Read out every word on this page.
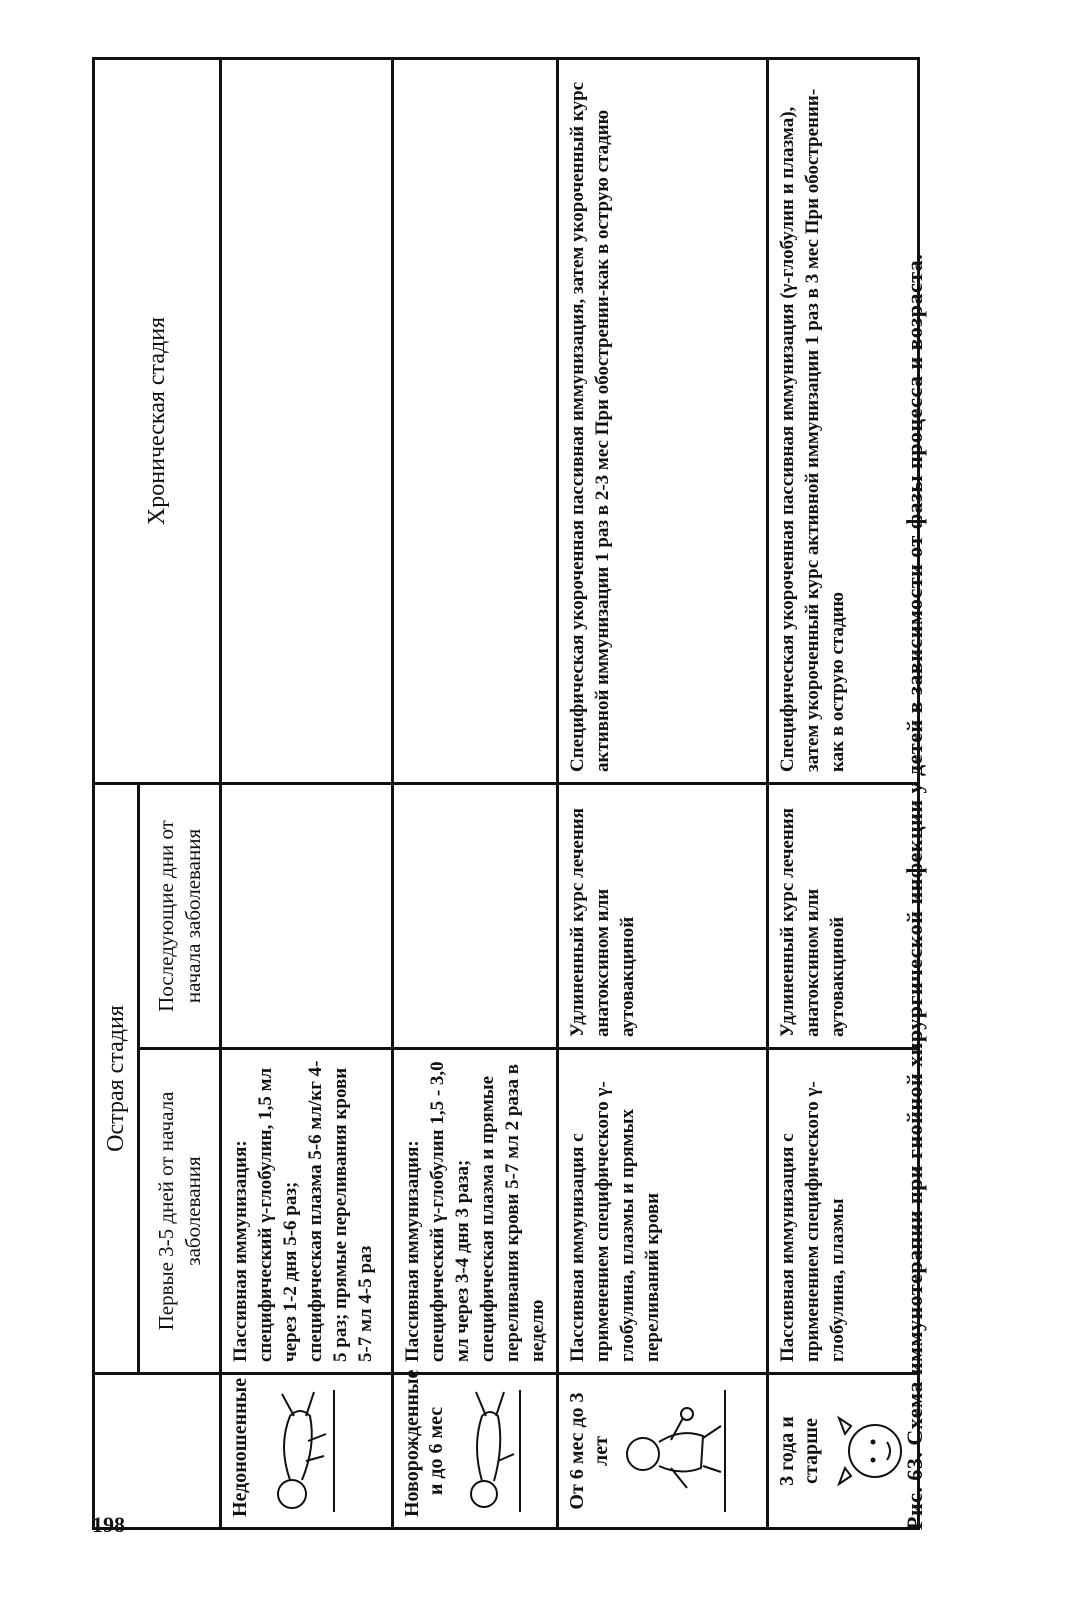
198
	Острая стадия		Хроническая стадия
	Первые 3-5 дней от начала заболевания	Последующие дни от начала заболевания	

Недоношенные	Пассивная иммунизация: специфический γ-глобулин, 1,5 мл через 1-2 дня 5-6 раз; специфическая плазма 5-6 мл/кг 4-5 раз; прямые переливания крови 5-7 мл 4-5 раз		

Новорожденные и до 6 мес	Пассивная иммунизация: специфический γ-глобулин 1,5 - 3,0 мл через 3-4 дня 3 раза; специфическая плазма и прямые переливания крови 5-7 мл 2 раза в неделю		

От 6 мес до 3 лет	Пассивная иммунизация с применением специфического γ-глобулина, плазмы и прямых переливаний крови	Удлиненный курс лечения анатоксином или аутовакциной	Специфическая укороченная пассивная иммунизация, затем укороченный курс активной иммунизации 1 раз в 2-3 мес При обострении-как в острую стадию

3 года и старше	Пассивная иммунизация с применением специфического γ-глобулина, плазмы	Удлиненный курс лечения анатоксином или аутовакциной	Специфическая укороченная пассивная иммунизация (γ-глобулин и плазма), затем укороченный курс активной иммунизации 1 раз в 3 мес При обострении-как в острую стадию Рис. 63. Схема иммунотерапии при гнойной хирургической инфекции у детей в зависимости от фазы процесса и возраста.
